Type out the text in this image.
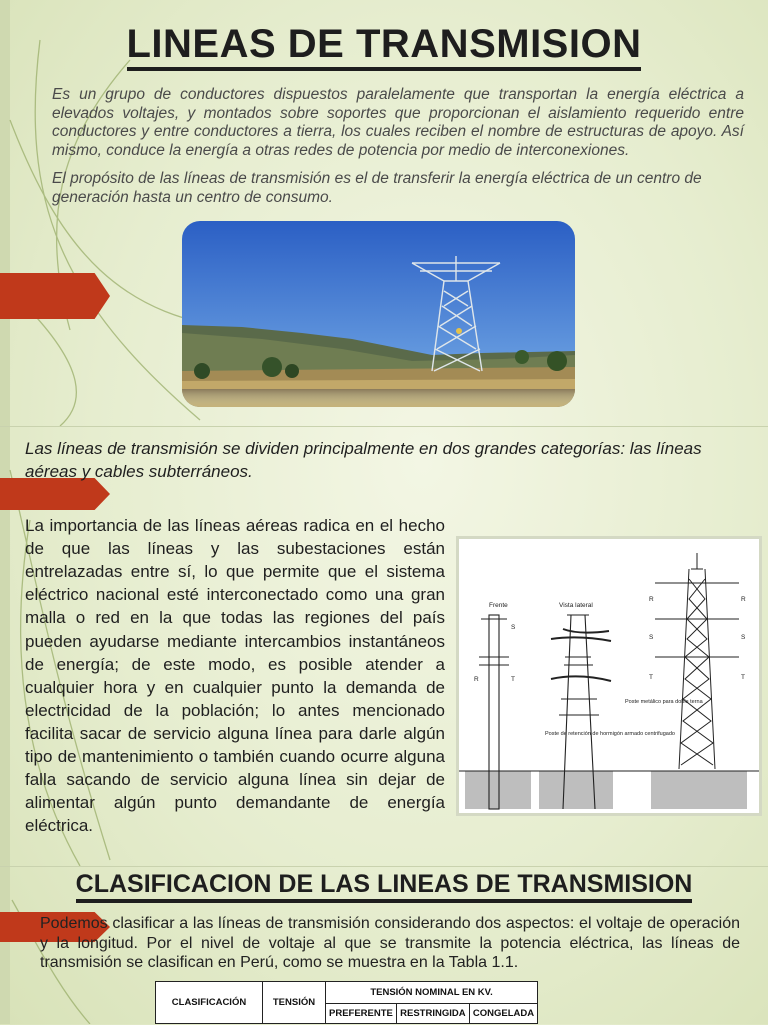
LINEAS DE TRANSMISION

Es un grupo de conductores dispuestos paralelamente que transportan la energía eléctrica a elevados voltajes, y montados sobre soportes que proporcionan el aislamiento requerido entre conductores y entre conductores a tierra, los cuales reciben el nombre de estructuras de apoyo. Así mismo, conduce la energía a otras redes de potencia por medio de interconexiones.

El propósito de las líneas de transmisión es el de transferir la energía eléctrica de un centro de generación hasta un centro de consumo.

Las líneas de transmisión se dividen principalmente en dos grandes categorías: las líneas aéreas y cables subterráneos.

La importancia de las líneas aéreas radica en el hecho de que las líneas y las subestaciones están entrelazadas entre sí, lo que permite que el sistema eléctrico nacional esté interconectado como una gran malla o red en la que todas las regiones del país pueden ayudarse mediante intercambios instantáneos de energía; de este modo, es posible atender a cualquier hora y en cualquier punto la demanda de electricidad de la población; lo antes mencionado facilita sacar de servicio alguna línea para darle algún tipo de mantenimiento o también cuando ocurre alguna falla sacando de servicio alguna línea sin dejar de alimentar algún punto demandante de energía eléctrica.

Frente
S
R	T
Vista lateral
Poste de retención de hormigón armado centrifugado
R
S
T
R
S
T
Poste metálico para doble terna
CLASIFICACION DE LAS LINEAS DE TRANSMISION

Podemos clasificar a las líneas de transmisión considerando dos aspectos: el voltaje de operación y la longitud. Por el nivel de voltaje al que se transmite la potencia eléctrica, las líneas de transmisión se clasifican en Perú, como se muestra en la Tabla 1.1.

CLASIFICACIÓN	TENSIÓN	TENSIÓN NOMINAL EN KV.		
		PREFERENTE	RESTRINGIDA	CONGELADA
